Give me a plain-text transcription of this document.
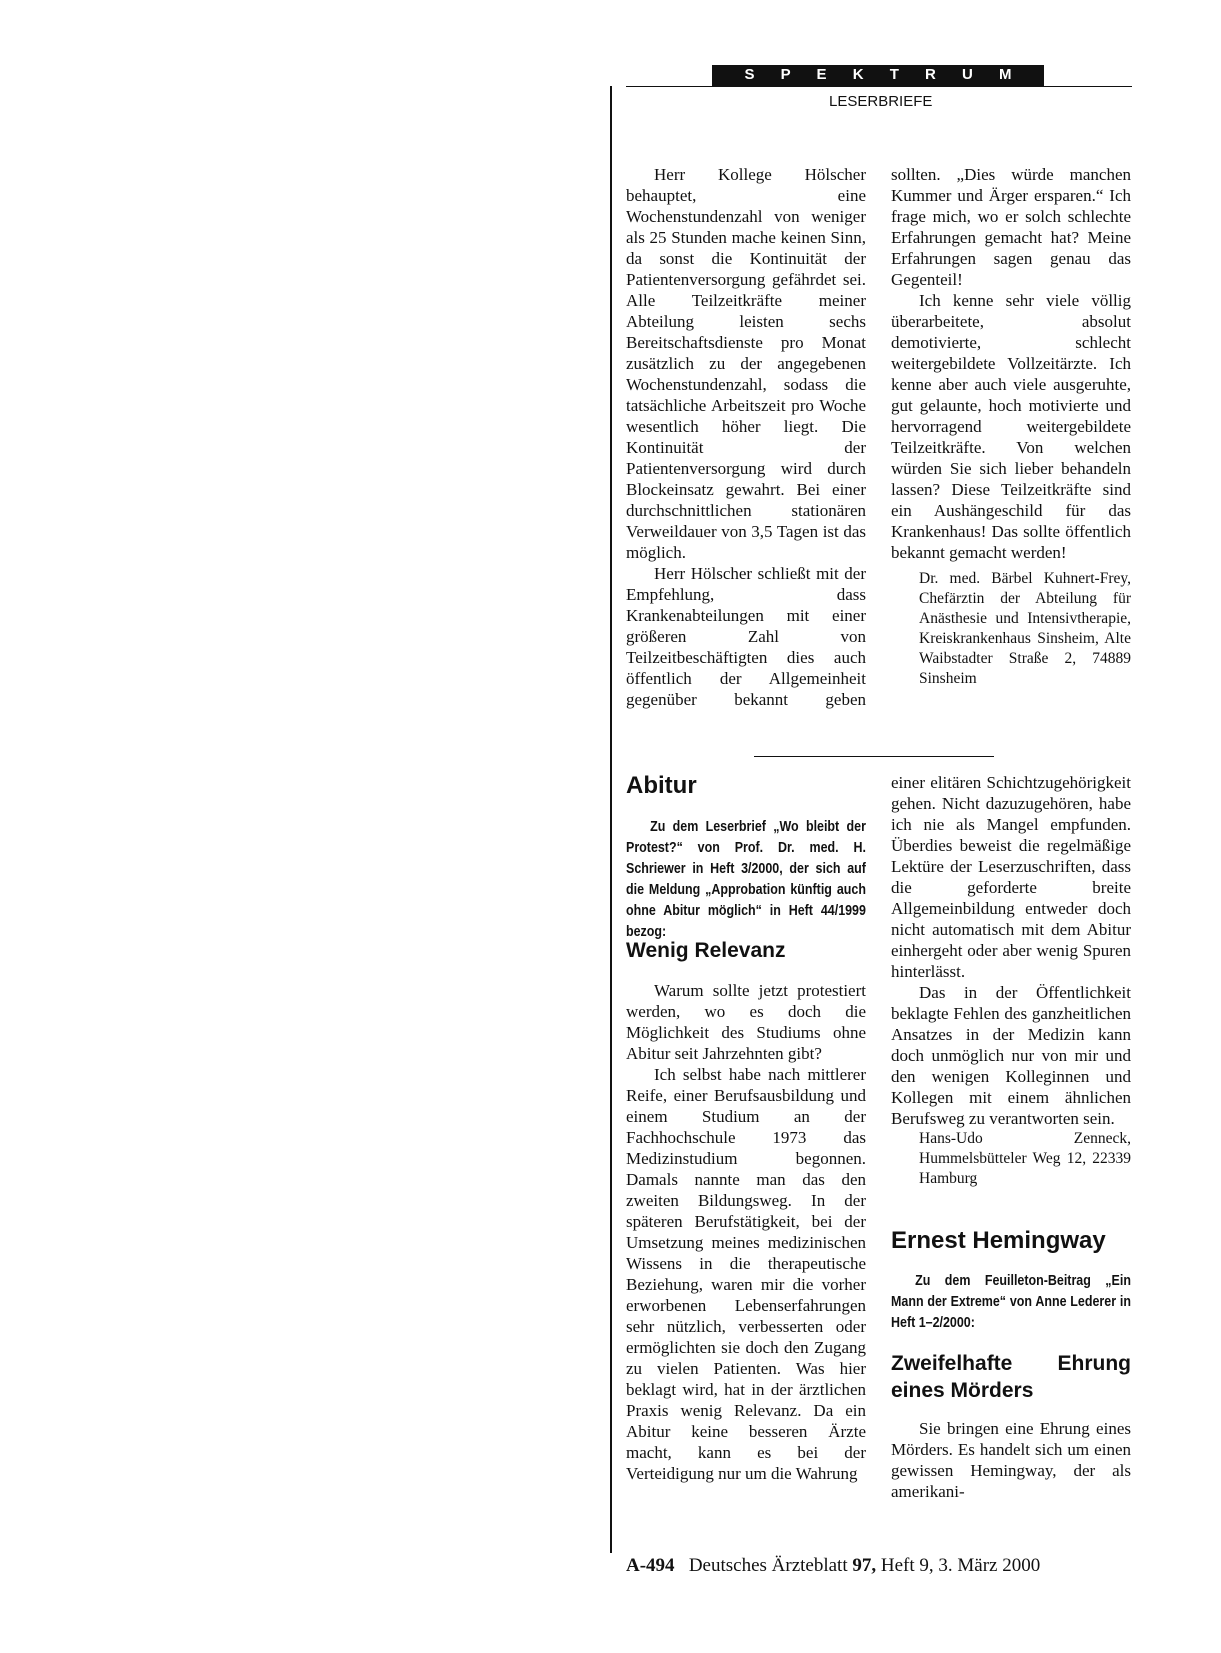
S P E K T R U M
LESERBRIEFE

Herr Kollege Hölscher behauptet, eine Wochenstundenzahl von weniger als 25 Stunden mache keinen Sinn, da sonst die Kontinuität der Patientenversorgung gefährdet sei. Alle Teilzeitkräfte meiner Abteilung leisten sechs Bereitschaftsdienste pro Monat zusätzlich zu der angegebenen Wochenstundenzahl, sodass die tatsächliche Arbeitszeit pro Woche wesentlich höher liegt. Die Kontinuität der Patientenversorgung wird durch Blockeinsatz gewahrt. Bei einer durchschnittlichen stationären Verweildauer von 3,5 Tagen ist das möglich.

Herr Hölscher schließt mit der Empfehlung, dass Krankenabteilungen mit einer größeren Zahl von Teilzeitbeschäftigten dies auch öffentlich der Allgemeinheit gegenüber bekannt geben

sollten. „Dies würde manchen Kummer und Ärger ersparen.“ Ich frage mich, wo er solch schlechte Erfahrungen gemacht hat? Meine Erfahrungen sagen genau das Gegenteil!

Ich kenne sehr viele völlig überarbeitete, absolut demotivierte, schlecht weitergebildete Vollzeitärzte. Ich kenne aber auch viele ausgeruhte, gut gelaunte, hoch motivierte und hervorragend weitergebildete Teilzeitkräfte. Von welchen würden Sie sich lieber behandeln lassen? Diese Teilzeitkräfte sind ein Aushängeschild für das Krankenhaus! Das sollte öffentlich bekannt gemacht werden!

Dr. med. Bärbel Kuhnert-Frey, Chefärztin der Abteilung für Anästhesie und Intensivtherapie, Kreiskrankenhaus Sinsheim, Alte Waibstadter Straße 2, 74889 Sinsheim

Abitur

Zu dem Leserbrief „Wo bleibt der Protest?“ von Prof. Dr. med. H. Schriewer in Heft 3/2000, der sich auf die Meldung „Approbation künftig auch ohne Abitur möglich“ in Heft 44/1999 bezog:

Wenig Relevanz

Warum sollte jetzt protestiert werden, wo es doch die Möglichkeit des Studiums ohne Abitur seit Jahrzehnten gibt?

Ich selbst habe nach mittlerer Reife, einer Berufsausbildung und einem Studium an der Fachhochschule 1973 das Medizinstudium begonnen. Damals nannte man das den zweiten Bildungsweg. In der späteren Berufstätigkeit, bei der Umsetzung meines medizinischen Wissens in die therapeutische Beziehung, waren mir die vorher erworbenen Lebenserfahrungen sehr nützlich, verbesserten oder ermöglichten sie doch den Zugang zu vielen Patienten. Was hier beklagt wird, hat in der ärztlichen Praxis wenig Relevanz. Da ein Abitur keine besseren Ärzte macht, kann es bei der Verteidigung nur um die Wahrung

einer elitären Schichtzugehörigkeit gehen. Nicht dazuzugehören, habe ich nie als Mangel empfunden. Überdies beweist die regelmäßige Lektüre der Leserzuschriften, dass die geforderte breite Allgemeinbildung entweder doch nicht automatisch mit dem Abitur einhergeht oder aber wenig Spuren hinterlässt.

Das in der Öffentlichkeit beklagte Fehlen des ganzheitlichen Ansatzes in der Medizin kann doch unmöglich nur von mir und den wenigen Kolleginnen und Kollegen mit einem ähnlichen Berufsweg zu verantworten sein.

Hans-Udo Zenneck, Hummelsbütteler Weg 12, 22339 Hamburg

Ernest Hemingway

Zu dem Feuilleton-Beitrag „Ein Mann der Extreme“ von Anne Lederer in Heft 1–2/2000:

Zweifelhafte Ehrung eines Mörders

Sie bringen eine Ehrung eines Mörders. Es handelt sich um einen gewissen Hemingway, der als amerikani-

A-494 Deutsches Ärzteblatt 97, Heft 9, 3. März 2000
